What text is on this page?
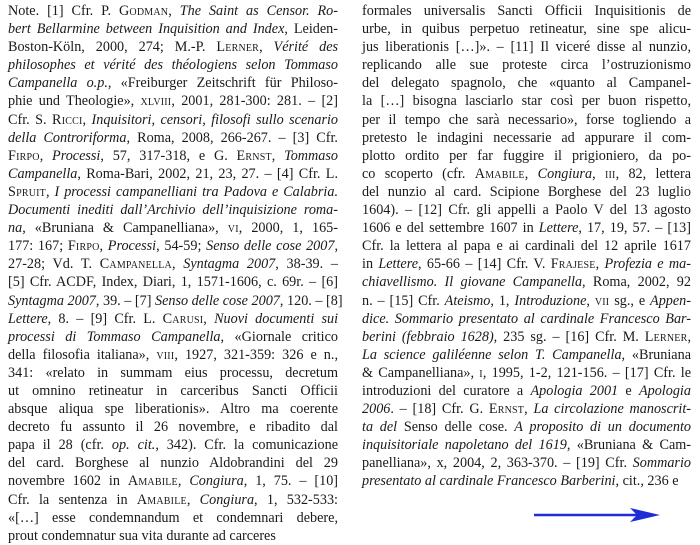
Note. [1] Cfr. P. Godman, The Saint as Censor. Ro-
bert Bellarmine between Inquisition and Index, Leiden-
Boston-Köln, 2000, 274; M.-P. Lerner, Vérité des
philosophes et vérité des théologiens selon Tommaso
Campanella o.p., «Freiburger Zeitschrift für Philoso-
phie und Theologie», xlviii, 2001, 281-300: 281. – [2]
Cfr. S. Ricci, Inquisitori, censori, filosofi sullo scenario
della Controriforma, Roma, 2008, 266-267. – [3] Cfr.
Firpo, Processi, 57, 317-318, e G. Ernst, Tommaso
Campanella, Roma-Bari, 2002, 21, 23, 27. – [4] Cfr. L.
Spruit, I processi campanelliani tra Padova e Calabria.
Documenti inediti dall’Archivio dell’inquisizione roma-
na, «Bruniana & Campanelliana», vi, 2000, 1, 165-
177: 167; Firpo, Processi, 54-59; Senso delle cose 2007,
27-28; Vd. T. Campanella, Syntagma 2007, 38-39. –
[5] Cfr. ACDF, Index, Diari, 1, 1571-1606, c. 69r. – [6]
Syntagma 2007, 39. – [7] Senso delle cose 2007, 120. – [8]
Lettere, 8. – [9] Cfr. L. Carusi, Nuovi documenti sui
processi di Tommaso Campanella, «Giornale critico
della filosofia italiana», viii, 1927, 321-359: 326 e n.,
341: «relato in summam eius processu, decretum
ut omnino retineatur in carceribus Sancti Officii
absque aliqua spe liberationis». Altro ma coerente
decreto fu assunto il 26 novembre, e ribadito dal
papa il 28 (cfr. op. cit., 342). Cfr. la comunicazione
del card. Borghese al nunzio Aldobrandini del 29
novembre 1602 in Amabile, Congiura, 1, 75. – [10]
Cfr. la sentenza in Amabile, Congiura, 1, 532-533:
«[…] esse condemnandum et condemnari debere,
prout condemnatur sua vita durante ad carceres
formales universalis Sancti Officii Inquisitionis de
urbe, in quibus perpetuo retineatur, sine spe alicu-
jus liberationis […]». – [11] Il viceré disse al nunzio,
replicando alle sue proteste circa l’ostruzionismo
del delegato spagnolo, che «quanto al Campanel-
la […] bisogna lasciarlo star così per buon rispetto,
per il tempo che sarà necessario», forse togliendo a
pretesto le indagini necessarie ad appurare il com-
plotto ordito per far fuggire il prigioniero, da po-
co scoperto (cfr. Amabile, Congiura, iii, 82, lettera
del nunzio al card. Scipione Borghese del 23 luglio
1604). – [12] Cfr. gli appelli a Paolo V del 13 agosto
1606 e del settembre 1607 in Lettere, 17, 19, 57. – [13]
Cfr. la lettera al papa e ai cardinali del 12 aprile 1617
in Lettere, 65-66 – [14] Cfr. V. Frajese, Profezia e ma-
chiavellismo. Il giovane Campanella, Roma, 2002, 92
n. – [15] Cfr. Ateismo, 1, Introduzione, vii sg., e Appen-
dice. Sommario presentato al cardinale Francesco Bar-
berini (febbraio 1628), 235 sg. – [16] Cfr. M. Lerner,
La science galiléenne selon T. Campanella, «Bruniana
& Campanelliana», i, 1995, 1-2, 121-156. – [17] Cfr. le
introduzioni del curatore a Apologia 2001 e Apologia
2006. – [18] Cfr. G. Ernst, La circolazione manoscrit-
ta del Senso delle cose. A proposito di un documento
inquisitoriale napoletano del 1619, «Bruniana & Cam-
panelliana», x, 2004, 2, 363-370. – [19] Cfr. Sommario
presentato al cardinale Francesco Barberini, cit., 236 e
